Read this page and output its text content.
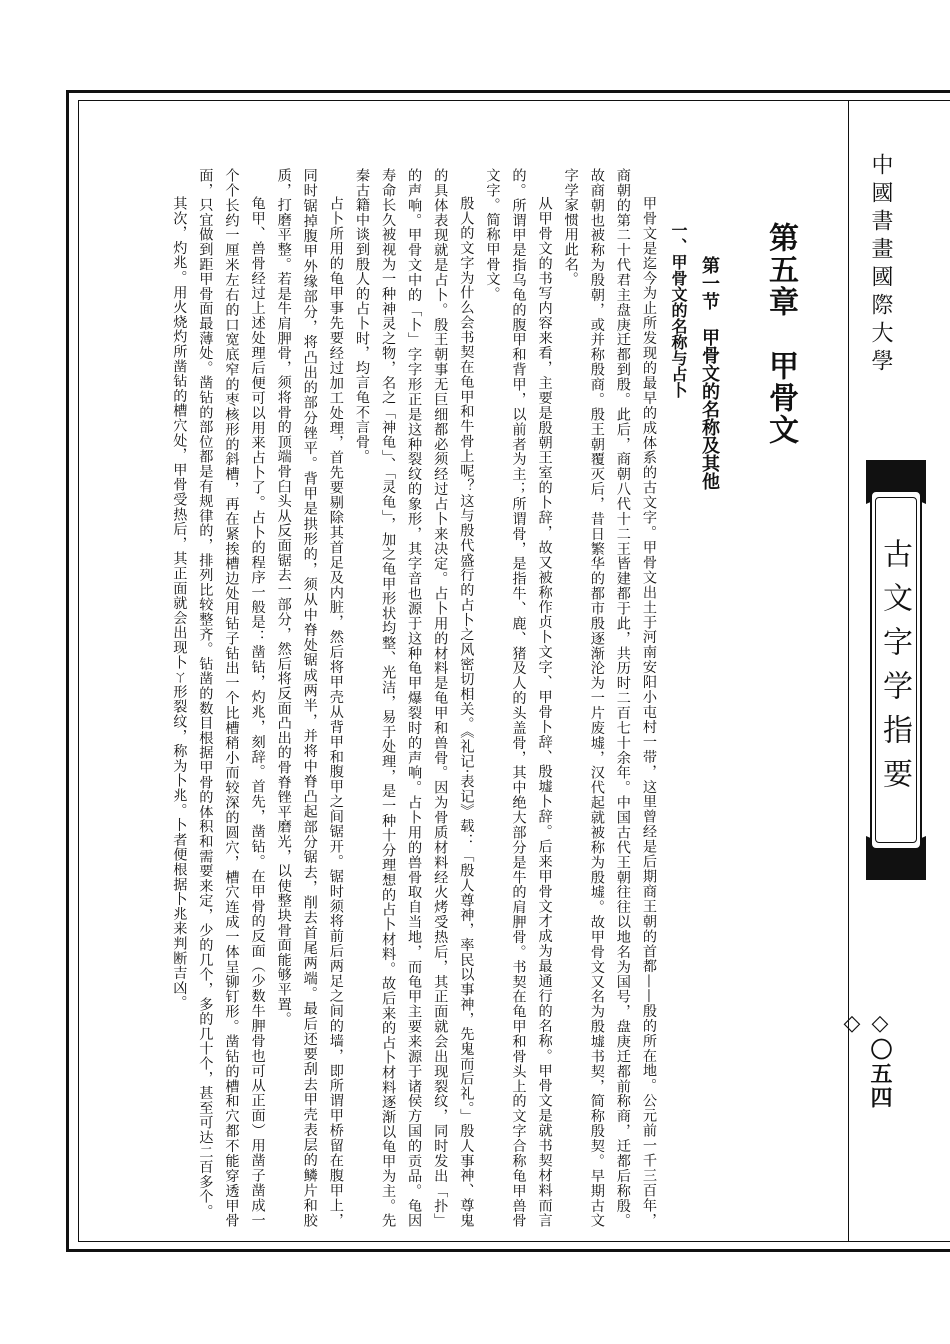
中國書畫國際大學
古文字学指要
◇〇五四◇
第五章　甲骨文
第一节　甲骨文的名称及其他
一、甲骨文的名称与占卜

甲骨文是迄今为止所发现的最早的成体系的古文字。甲骨文出土于河南安阳小屯村一带，这里曾经是后期商王朝的首都——殷的所在地。公元前一千三百年，商朝的第二十代君主盘庚迁都到殷。此后，商朝八代十二王皆建都于此，共历时二百七十余年。中国古代王朝往往以地名为国号，盘庚迁都前称商，迁都后称殷。故商朝也被称为殷朝，或并称殷商。殷王朝覆灭后，昔日繁华的都市殷逐渐沦为一片废墟，汉代起就被称为殷墟。故甲骨文又名为殷墟书契，简称殷契。早期古文字学家惯用此名。

从甲骨文的书写内容来看，主要是殷朝王室的卜辞，故又被称作贞卜文字、甲骨卜辞、殷墟卜辞。后来甲骨文才成为最通行的名称。甲骨文是就书契材料而言的。所谓甲是指乌龟的腹甲和背甲，以前者为主；所谓骨，是指牛、鹿、猪及人的头盖骨，其中绝大部分是牛的肩胛骨。书契在龟甲和骨头上的文字合称龟甲兽骨文字。简称甲骨文。

殷人的文字为什么会书契在龟甲和牛骨上呢？这与殷代盛行的占卜之风密切相关。《礼记·表记》载：「殷人尊神，率民以事神，先鬼而后礼。」殷人事神、尊鬼的具体表现就是占卜。殷王朝事无巨细都必须经过占卜来决定。占卜用的材料是龟甲和兽骨。因为骨质材料经火烤受热后，其正面就会出现裂纹，同时发出「扑」的声响。甲骨文中的「卜」字字形正是这种裂纹的象形，其字音也源于这种龟甲爆裂时的声响。占卜用的兽骨取自当地，而龟甲主要来源于诸侯方国的贡品。龟因寿命长久被视为一种神灵之物，名之「神龟」、「灵龟」，加之龟甲形状均整、光洁，易于处理，是一种十分理想的占卜材料。故后来的占卜材料逐渐以龟甲为主。先秦古籍中谈到殷人的占卜时，均言龟不言骨。

占卜所用的龟甲事先要经过加工处理，首先要剔除其首足及内脏，然后将甲壳从背甲和腹甲之间锯开。锯时须将前后两足之间的墙，即所谓甲桥留在腹甲上，同时锯掉腹甲外缘部分，将凸出的部分锉平。背甲是拱形的，须从中脊处锯成两半，并将中脊凸起部分锯去，削去首尾两端。最后还要刮去甲壳表层的鳞片和胶质，打磨平整。若是牛肩胛骨，须将骨的顶端骨臼头从反面锯去一部分，然后将反面凸出的骨脊锉平磨光，以使整块骨面能够平置。

龟甲、兽骨经过上述处理后便可以用来占卜了。占卜的程序一般是：凿钻，灼兆，刻辞。首先，凿钻。在甲骨的反面（少数牛胛骨也可从正面）用凿子凿成一个个长约一厘米左右的口宽底窄的枣核形的斜槽，再在紧挨槽边处用钻子钻出一个比槽稍小而较深的圆穴，槽穴连成一体呈铆钉形。凿钻的槽和穴都不能穿透甲骨面，只宜做到距甲骨面最薄处。凿钻的部位都是有规律的，排列比较整齐。钻凿的数目根据甲骨的体积和需要来定，少的几个，多的几十个，甚至可达二百多个。

其次，灼兆。用火烧灼所凿钻的槽穴处，甲骨受热后，其正面就会出现卜ㄚ形裂纹，称为卜兆。卜者便根据卜兆来判断吉凶。
